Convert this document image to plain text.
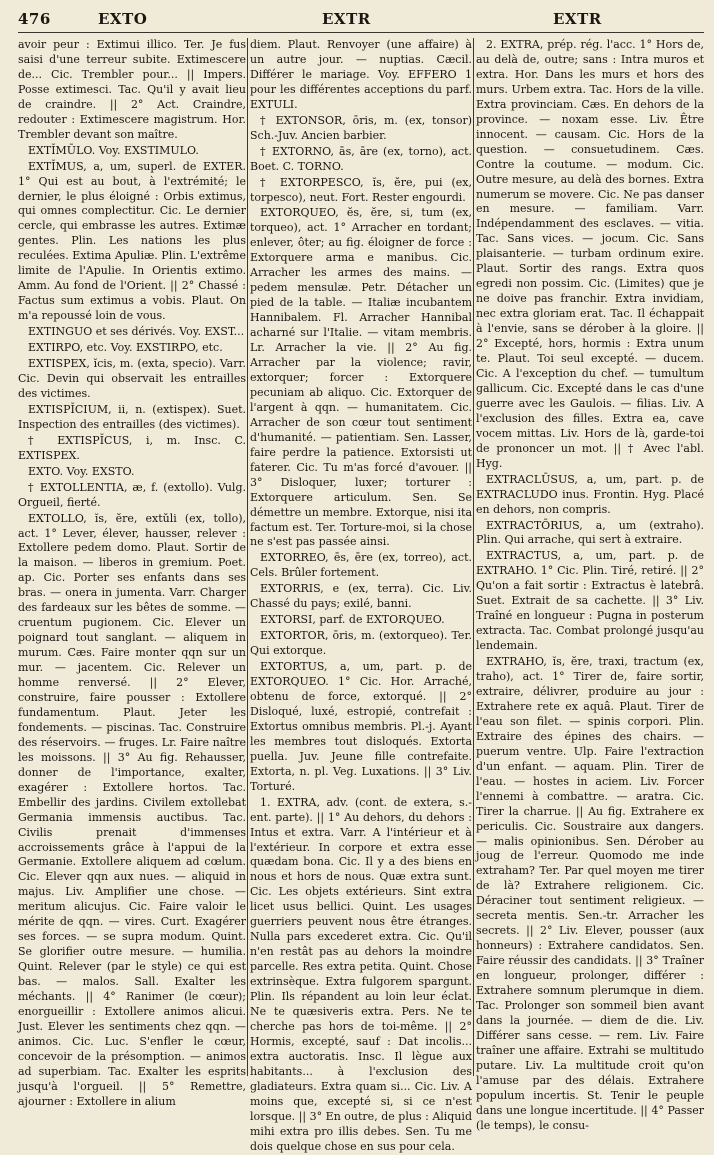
476	EXTO	EXTR	EXTR

avoir peur : Extimui illico. Ter. Je fus saisi d'une terreur subite. Extimescere de... Cic. Trembler pour... || Impers. Posse extimesci. Tac. Qu'il y avait lieu de craindre. || 2° Act. Craindre, redouter : Extimescere magistrum. Hor. Trembler devant son maître.

EXTĬMŪLO. Voy. EXSTIMULO.

EXTĬMUS, a, um, superl. de EXTER. 1° Qui est au bout, à l'extrémité; le dernier, le plus éloigné : Orbis extimus, qui omnes complectitur. Cic. Le dernier cercle, qui embrasse les autres. Extimæ gentes. Plin. Les nations les plus reculées. Extima Apuliæ. Plin. L'extrême limite de l'Apulie. In Orientis extimo. Amm. Au fond de l'Orient. || 2° Chassé : Factus sum extimus a vobis. Plaut. On m'a repoussé loin de vous.

EXTINGUO et ses dérivés. Voy. EXST...

EXTIRPO, etc. Voy. EXSTIRPO, etc.

EXTISPEX, ĭcis, m. (exta, specio). Varr. Cic. Devin qui observait les entrailles des victimes.

EXTISPĬCIUM, ii, n. (extispex). Suet. Inspection des entrailles (des victimes).

† EXTISPĬCUS, i, m. Insc. C. EXTISPEX.

EXTO. Voy. EXSTO.

† EXTOLLENTIA, æ, f. (extollo). Vulg. Orgueil, fierté.

EXTOLLO, ĭs, ĕre, extŭli (ex, tollo), act. 1° Lever, élever, hausser, relever : Extollere pedem domo. Plaut. Sortir de la maison. — liberos in gremium. Poet. ap. Cic. Porter ses enfants dans ses bras. — onera in jumenta. Varr. Charger des fardeaux sur les bêtes de somme. — cruentum pugionem. Cic. Elever un poignard tout sanglant. — aliquem in murum. Cæs. Faire monter qqn sur un mur. — jacentem. Cic. Relever un homme renversé. || 2° Elever, construire, faire pousser : Extollere fundamentum. Plaut. Jeter les fondements. — piscinas. Tac. Construire des réservoirs. — fruges. Lr. Faire naître les moissons. || 3° Au fig. Rehausser, donner de l'importance, exalter, exagérer : Extollere hortos. Tac. Embellir des jardins. Civilem extollebat Germania immensis auctibus. Tac. Civilis prenait d'immenses accroissements grâce à l'appui de la Germanie. Extollere aliquem ad cœlum. Cic. Elever qqn aux nues. — aliquid in majus. Liv. Amplifier une chose. — meritum alicujus. Cic. Faire valoir le mérite de qqn. — vires. Curt. Exagérer ses forces. — se supra modum. Quint. Se glorifier outre mesure. — humilia. Quint. Relever (par le style) ce qui est bas. — malos. Sall. Exalter les méchants. || 4° Ranimer (le cœur); enorgueillir : Extollere animos alicui. Just. Elever les sentiments chez qqn. — animos. Cic. Luc. S'enfler le cœur, concevoir de la présomption. — animos ad superbiam. Tac. Exalter les esprits jusqu'à l'orgueil. || 5° Remettre, ajourner : Extollere in alium

diem. Plaut. Renvoyer (une affaire) à un autre jour. — nuptias. Cæcil. Différer le mariage. Voy. EFFERO 1 pour les différentes acceptions du parf. EXTULI.

† EXTONSOR, ōris, m. (ex, tonsor) Sch.-Juv. Ancien barbier.

† EXTORNO, ās, āre (ex, torno), act. Boet. C. TORNO.

† EXTORPESCO, ĭs, ĕre, pui (ex, torpesco), neut. Fort. Rester engourdi.

EXTORQUEO, ĕs, ĕre, si, tum (ex, torqueo), act. 1° Arracher en tordant; enlever, ôter; au fig. éloigner de force : Extorquere arma e manibus. Cic. Arracher les armes des mains. — pedem mensulæ. Petr. Détacher un pied de la table. — Italiæ incubantem Hannibalem. Fl. Arracher Hannibal acharné sur l'Italie. — vitam membris. Lr. Arracher la vie. || 2° Au fig. Arracher par la violence; ravir, extorquer; forcer : Extorquere pecuniam ab aliquo. Cic. Extorquer de l'argent à qqn. — humanitatem. Cic. Arracher de son cœur tout sentiment d'humanité. — patientiam. Sen. Lasser, faire perdre la patience. Extorsisti ut faterer. Cic. Tu m'as forcé d'avouer. || 3° Disloquer, luxer; torturer : Extorquere articulum. Sen. Se démettre un membre. Extorque, nisi ita factum est. Ter. Torture-moi, si la chose ne s'est pas passée ainsi.

EXTORREO, ēs, ēre (ex, torreo), act. Cels. Brûler fortement.

EXTORRIS, e (ex, terra). Cic. Liv. Chassé du pays; exilé, banni.

EXTORSI, parf. de EXTORQUEO.

EXTORTOR, ōris, m. (extorqueo). Ter. Qui extorque.

EXTORTUS, a, um, part. p. de EXTORQUEO. 1° Cic. Hor. Arraché, obtenu de force, extorqué. || 2° Disloqué, luxé, estropié, contrefait : Extortus omnibus membris. Pl.-j. Ayant les membres tout disloqués. Extorta puella. Juv. Jeune fille contrefaite. Extorta, n. pl. Veg. Luxations. || 3° Liv. Torturé.

1. EXTRA, adv. (cont. de extera, s.-ent. parte). || 1° Au dehors, du dehors : Intus et extra. Varr. A l'intérieur et à l'extérieur. In corpore et extra esse quædam bona. Cic. Il y a des biens en nous et hors de nous. Quæ extra sunt. Cic. Les objets extérieurs. Sint extra licet usus bellici. Quint. Les usages guerriers peuvent nous être étranges. Nulla pars excederet extra. Cic. Qu'il n'en restât pas au dehors la moindre parcelle. Res extra petita. Quint. Chose extrinsèque. Extra fulgorem spargunt. Plin. Ils répandent au loin leur éclat. Ne te quæsiveris extra. Pers. Ne te cherche pas hors de toi-même. || 2° Hormis, excepté, sauf : Dat incolis... extra auctoratis. Insc. Il lègue aux habitants... à l'exclusion des gladiateurs. Extra quam si... Cic. Liv. A moins que, excepté si, si ce n'est lorsque. || 3° En outre, de plus : Aliquid mihi extra pro illis debes. Sen. Tu me dois quelque chose en sus pour cela.

2. EXTRA, prép. rég. l'acc. 1° Hors de, au delà de, outre; sans : Intra muros et extra. Hor. Dans les murs et hors des murs. Urbem extra. Tac. Hors de la ville. Extra provinciam. Cæs. En dehors de la province. — noxam esse. Liv. Être innocent. — causam. Cic. Hors de la question. — consuetudinem. Cæs. Contre la coutume. — modum. Cic. Outre mesure, au delà des bornes. Extra numerum se movere. Cic. Ne pas danser en mesure. — familiam. Varr. Indépendamment des esclaves. — vitia. Tac. Sans vices. — jocum. Cic. Sans plaisanterie. — turbam ordinum exire. Plaut. Sortir des rangs. Extra quos egredi non possim. Cic. (Limites) que je ne doive pas franchir. Extra invidiam, nec extra gloriam erat. Tac. Il échappait à l'envie, sans se dérober à la gloire. || 2° Excepté, hors, hormis : Extra unum te. Plaut. Toi seul excepté. — ducem. Cic. A l'exception du chef. — tumultum gallicum. Cic. Excepté dans le cas d'une guerre avec les Gaulois. — filias. Liv. A l'exclusion des filles. Extra ea, cave vocem mittas. Liv. Hors de là, garde-toi de prononcer un mot. || † Avec l'abl. Hyg.

EXTRACLŪSUS, a, um, part. p. de EXTRACLUDO inus. Frontin. Hyg. Placé en dehors, non compris.

EXTRACTŌRIUS, a, um (extraho). Plin. Qui arrache, qui sert à extraire.

EXTRACTUS, a, um, part. p. de EXTRAHO. 1° Cic. Plin. Tiré, retiré. || 2° Qu'on a fait sortir : Extractus è latebrâ. Suet. Extrait de sa cachette. || 3° Liv. Traîné en longueur : Pugna in posterum extracta. Tac. Combat prolongé jusqu'au lendemain.

EXTRAHO, ĭs, ĕre, traxi, tractum (ex, traho), act. 1° Tirer de, faire sortir, extraire, délivrer, produire au jour : Extrahere rete ex aquâ. Plaut. Tirer de l'eau son filet. — spinis corpori. Plin. Extraire des épines des chairs. — puerum ventre. Ulp. Faire l'extraction d'un enfant. — aquam. Plin. Tirer de l'eau. — hostes in aciem. Liv. Forcer l'ennemi à combattre. — aratra. Cic. Tirer la charrue. || Au fig. Extrahere ex periculis. Cic. Soustraire aux dangers. — malis opinionibus. Sen. Dérober au joug de l'erreur. Quomodo me inde extraham? Ter. Par quel moyen me tirer de là? Extrahere religionem. Cic. Déraciner tout sentiment religieux. — secreta mentis. Sen.-tr. Arracher les secrets. || 2° Liv. Elever, pousser (aux honneurs) : Extrahere candidatos. Sen. Faire réussir des candidats. || 3° Traîner en longueur, prolonger, différer : Extrahere somnum plerumque in diem. Tac. Prolonger son sommeil bien avant dans la journée. — diem de die. Liv. Différer sans cesse. — rem. Liv. Faire traîner une affaire. Extrahi se multitudo putare. Liv. La multitude croit qu'on l'amuse par des délais. Extrahere populum incertis. St. Tenir le peuple dans une longue incertitude. || 4° Passer (le temps), le consu-
